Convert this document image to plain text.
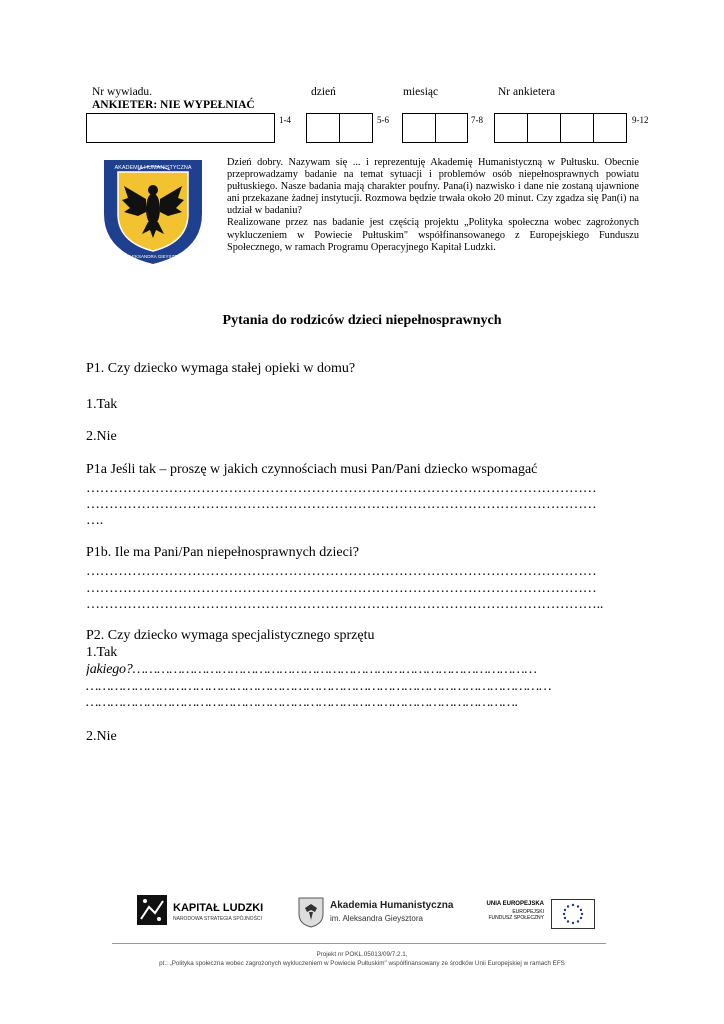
Nr wywiadu.
ANKIETER: NIE WYPEŁNIAĆ
dzień	miesiąc	Nr ankietera
1-4	5-6	7-8	9-12
AKADEMIA HUMANISTYCZNA
IM. ALEKSANDRA GIEYSZTORA

Dzień dobry. Nazywam się ... i reprezentuję Akademię Humanistyczną w Pułtusku. Obecnie przeprowadzamy badanie na temat sytuacji i problemów osób niepełnosprawnych powiatu pułtuskiego. Nasze badania mają charakter poufny. Pana(i) nazwisko i dane nie zostaną ujawnione ani przekazane żadnej instytucji. Rozmowa będzie trwała około 20 minut. Czy zgadza się Pan(i) na udział w badaniu?

Realizowane przez nas badanie jest częścią projektu „Polityka społeczna wobec zagrożonych wykluczeniem w Powiecie Pułtuskim" współfinansowanego z Europejskiego Funduszu Społecznego, w ramach Programu Operacyjnego Kapitał Ludzki.

Pytania do rodziców dzieci niepełnosprawnych
P1. Czy dziecko wymaga stałej opieki w domu?
1.Tak
2.Nie
P1a Jeśli tak – proszę w jakich czynnościach musi Pan/Pani dziecko wspomagać
…………………………………………………………………………………………………
…………………………………………………………………………………………………
….
P1b. Ile ma Pani/Pan niepełnosprawnych dzieci?
…………………………………………………………………………………………………
…………………………………………………………………………………………………
…………………………………………………………………………………………………..
P2. Czy dziecko wymaga specjalistycznego sprzętu
1.Tak
jakiego?………………………………………………………………………………………
……………………………………………………………………………………………………
…………………………………………………………………………………………….
2.Nie
KAPITAŁ LUDZKI
NARODOWA STRATEGIA SPÓJNOŚCI
Akademia Humanistyczna
im. Aleksandra Gieysztora
UNIA EUROPEJSKA
EUROPEJSKI
FUNDUSZ SPOŁECZNY
Projekt nr POKL.05013/09/7.2.1,
pt.: „Polityka społeczna wobec zagrożonych wykluczeniem w Powiecie Pułtuskim" współfinansowany ze środków Unii Europejskiej w ramach EFS
